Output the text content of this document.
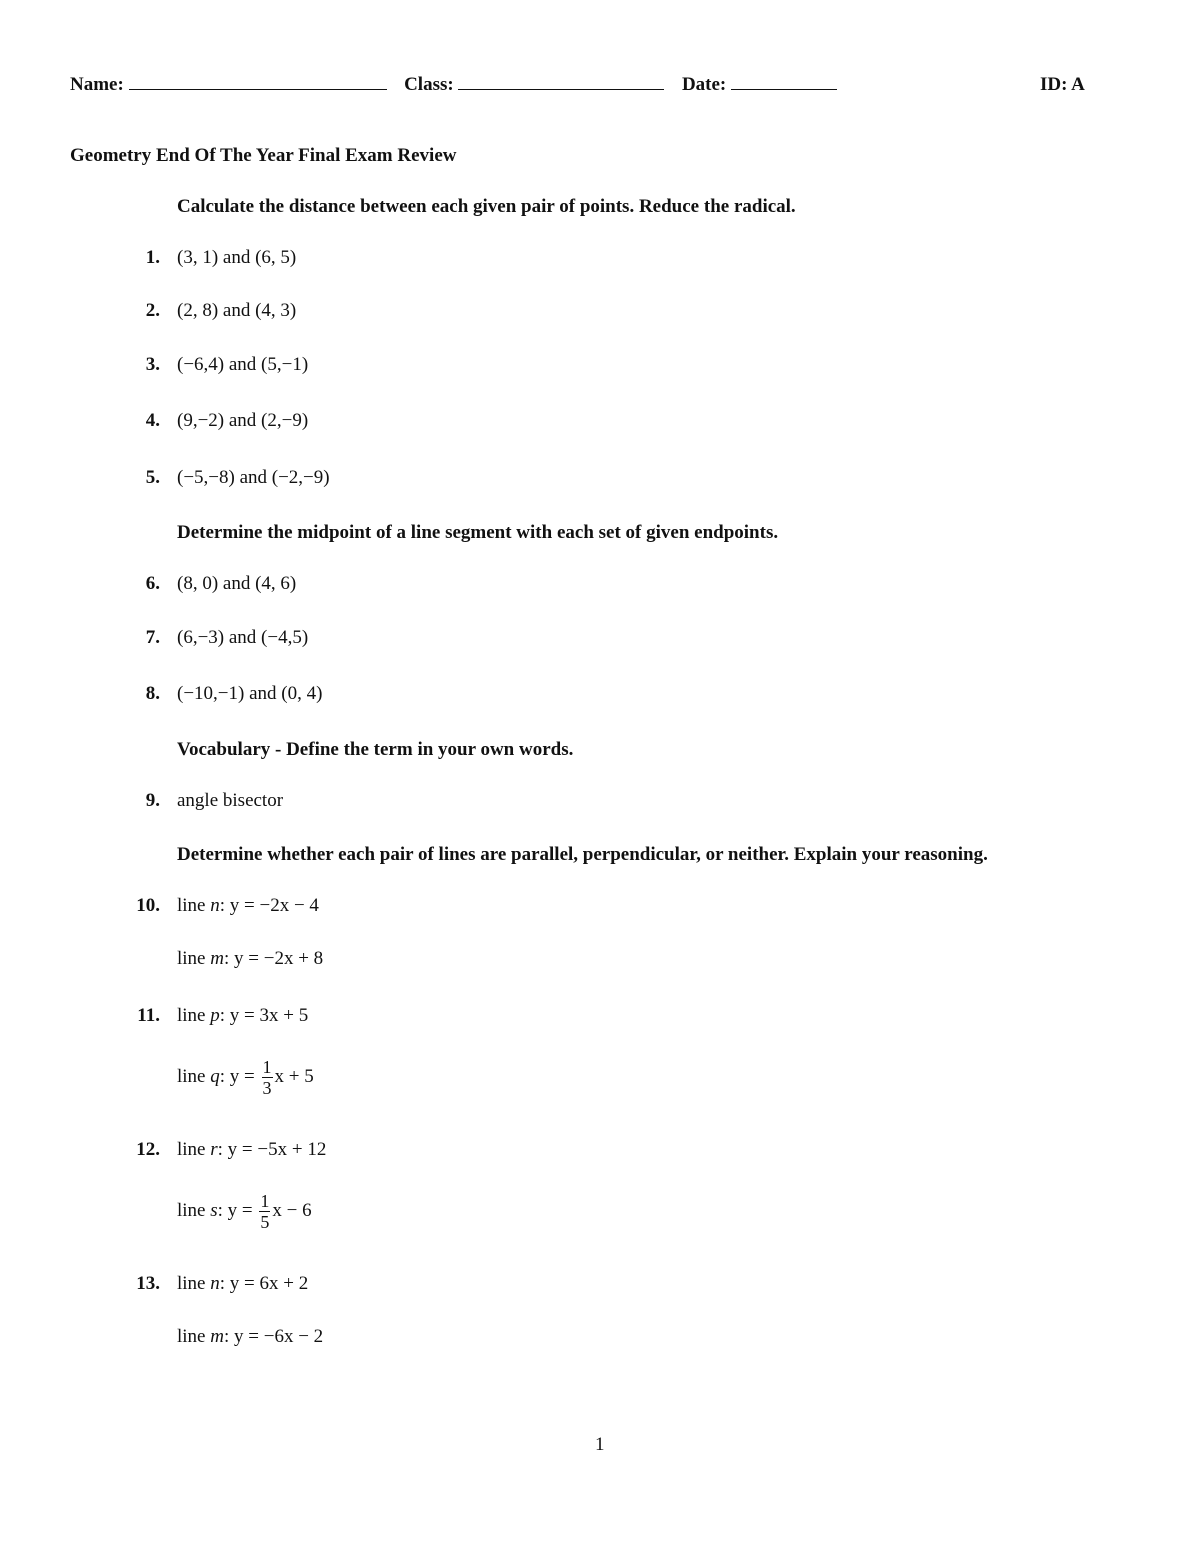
Name:	Class:	Date:	ID: A
Geometry End Of The Year Final Exam Review
Calculate the distance between each given pair of points. Reduce the radical.
1. (3, 1) and (6, 5)
2. (2, 8) and (4, 3)
3. (−6,4) and (5,−1)
4. (9,−2) and (2,−9)
5. (−5,−8) and (−2,−9)
Determine the midpoint of a line segment with each set of given endpoints.
6. (8, 0) and (4, 6)
7. (6,−3) and (−4,5)
8. (−10,−1) and (0, 4)
Vocabulary - Define the term in your own words.
9. angle bisector
Determine whether each pair of lines are parallel, perpendicular, or neither. Explain your reasoning.
10. line n: y = −2x − 4
line m: y = −2x + 8
11. line p: y = 3x + 5
line q: $y = \frac{1}{3}$ x + 5
12. line r: y = −5x + 12
line s: $y = \frac{1}{5}$ x − 6
13. line n: y = 6x + 2
line m: y = −6x − 2
1
